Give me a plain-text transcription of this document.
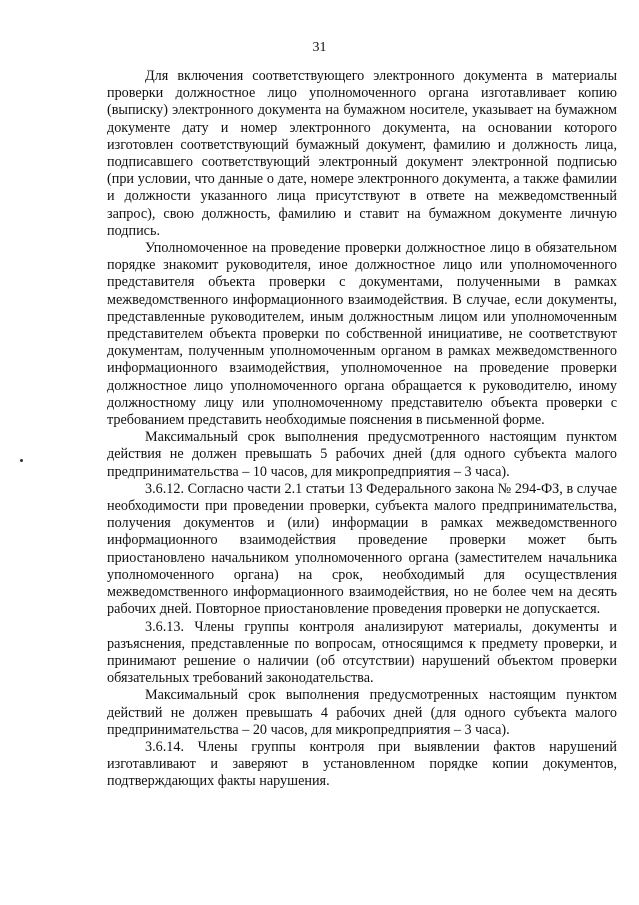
31

Для включения соответствующего электронного документа в материалы проверки должностное лицо уполномоченного органа изготавливает копию (выписку) электронного документа на бумажном носителе, указывает на бумажном документе дату и номер электронного документа, на основании которого изготовлен соответствующий бумажный документ, фамилию и должность лица, подписавшего соответствующий электронный документ электронной подписью (при условии, что данные о дате, номере электронного документа, а также фамилии и должности указанного лица присутствуют в ответе на межведомственный запрос), свою должность, фамилию и ставит на бумажном документе личную подпись.

Уполномоченное на проведение проверки должностное лицо в обязательном порядке знакомит руководителя, иное должностное лицо или уполномоченного представителя объекта проверки с документами, полученными в рамках межведомственного информационного взаимодействия. В случае, если документы, представленные руководителем, иным должностным лицом или уполномоченным представителем объекта проверки по собственной инициативе, не соответствуют документам, полученным уполномоченным органом в рамках межведомственного информационного взаимодействия, уполномоченное на проведение проверки должностное лицо уполномоченного органа обращается к руководителю, иному должностному лицу или уполномоченному представителю объекта проверки с требованием представить необходимые пояснения в письменной форме.

Максимальный срок выполнения предусмотренного настоящим пунктом действия не должен превышать 5 рабочих дней (для одного субъекта малого предпринимательства – 10 часов, для микропредприятия – 3 часа).

3.6.12. Согласно части 2.1 статьи 13 Федерального закона № 294-ФЗ, в случае необходимости при проведении проверки, субъекта малого предпринимательства, получения документов и (или) информации в рамках межведомственного информационного взаимодействия проведение проверки может быть приостановлено начальником уполномоченного органа (заместителем начальника уполномоченного органа) на срок, необходимый для осуществления межведомственного информационного взаимодействия, но не более чем на десять рабочих дней. Повторное приостановление проведения проверки не допускается.

3.6.13. Члены группы контроля анализируют материалы, документы и разъяснения, представленные по вопросам, относящимся к предмету проверки, и принимают решение о наличии (об отсутствии) нарушений объектом проверки обязательных требований законодательства.

Максимальный срок выполнения предусмотренных настоящим пунктом действий не должен превышать 4 рабочих дней (для одного субъекта малого предпринимательства – 20 часов, для микропредприятия – 3 часа).

3.6.14. Члены группы контроля при выявлении фактов нарушений изготавливают и заверяют в установленном порядке копии документов, подтверждающих факты нарушения.
